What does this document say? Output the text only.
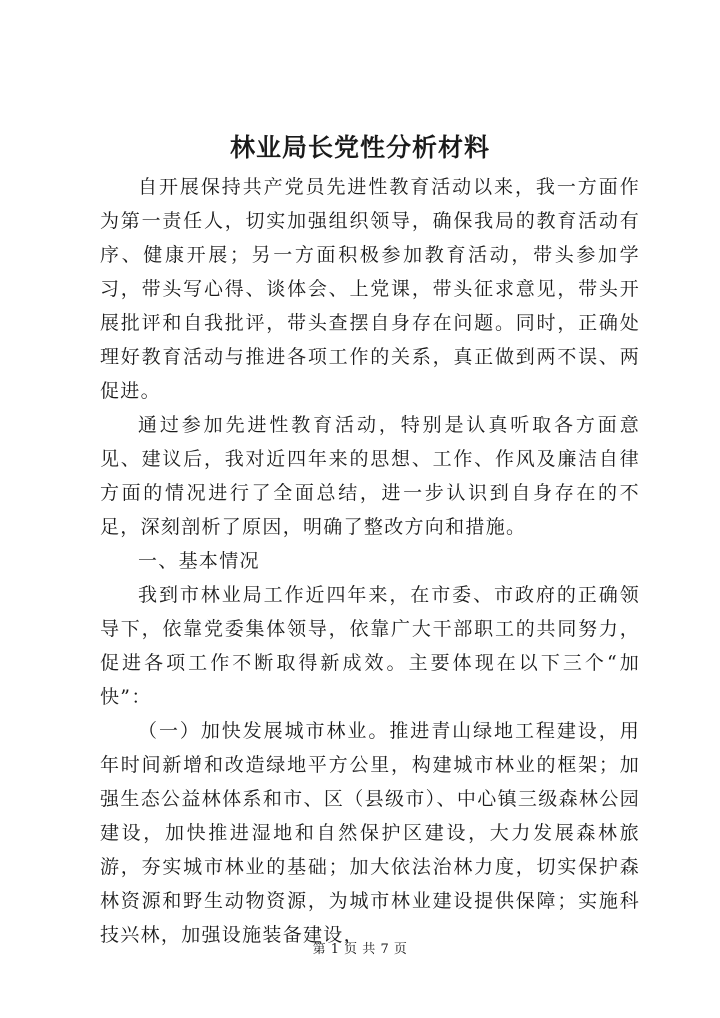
林业局长党性分析材料

自开展保持共产党员先进性教育活动以来，我一方面作为第一责任人，切实加强组织领导，确保我局的教育活动有序、健康开展；另一方面积极参加教育活动，带头参加学习，带头写心得、谈体会、上党课，带头征求意见，带头开展批评和自我批评，带头查摆自身存在问题。同时，正确处理好教育活动与推进各项工作的关系，真正做到两不误、两促进。

通过参加先进性教育活动，特别是认真听取各方面意见、建议后，我对近四年来的思想、工作、作风及廉洁自律方面的情况进行了全面总结，进一步认识到自身存在的不足，深刻剖析了原因，明确了整改方向和措施。

一、基本情况

我到市林业局工作近四年来，在市委、市政府的正确领导下，依靠党委集体领导，依靠广大干部职工的共同努力，促进各项工作不断取得新成效。主要体现在以下三个“加快”：

（一）加快发展城市林业。推进青山绿地工程建设，用年时间新增和改造绿地平方公里，构建城市林业的框架；加强生态公益林体系和市、区（县级市）、中心镇三级森林公园建设，加快推进湿地和自然保护区建设，大力发展森林旅游，夯实城市林业的基础；加大依法治林力度，切实保护森林资源和野生动物资源，为城市林业建设提供保障；实施科技兴林，加强设施装备建设，

第 1 页 共 7 页
